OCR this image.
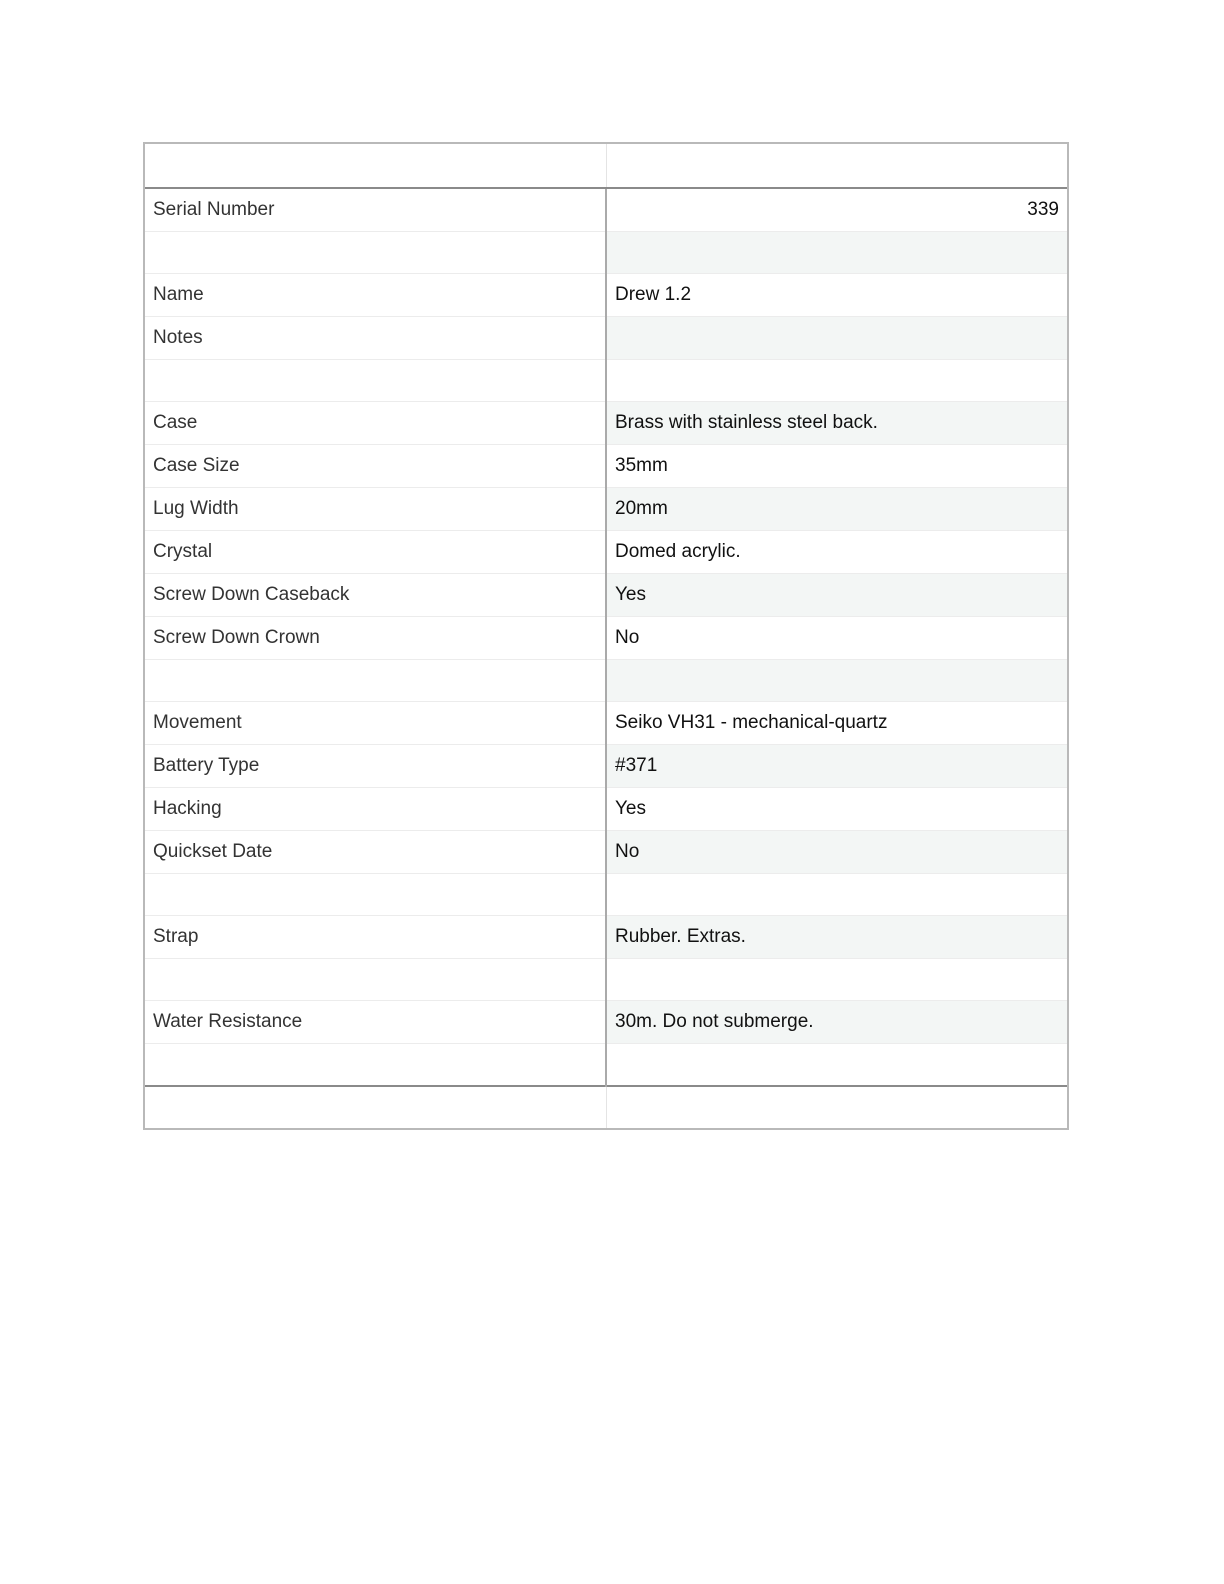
Serial Number	339

Name	Drew 1.2
Notes	

Case	Brass with stainless steel back.
Case Size	35mm
Lug Width	20mm
Crystal	Domed acrylic.
Screw Down Caseback	Yes
Screw Down Crown	No

Movement	Seiko VH31 - mechanical-quartz
Battery Type	#371
Hacking	Yes
Quickset Date	No

Strap	Rubber. Extras.

Water Resistance	30m. Do not submerge.
